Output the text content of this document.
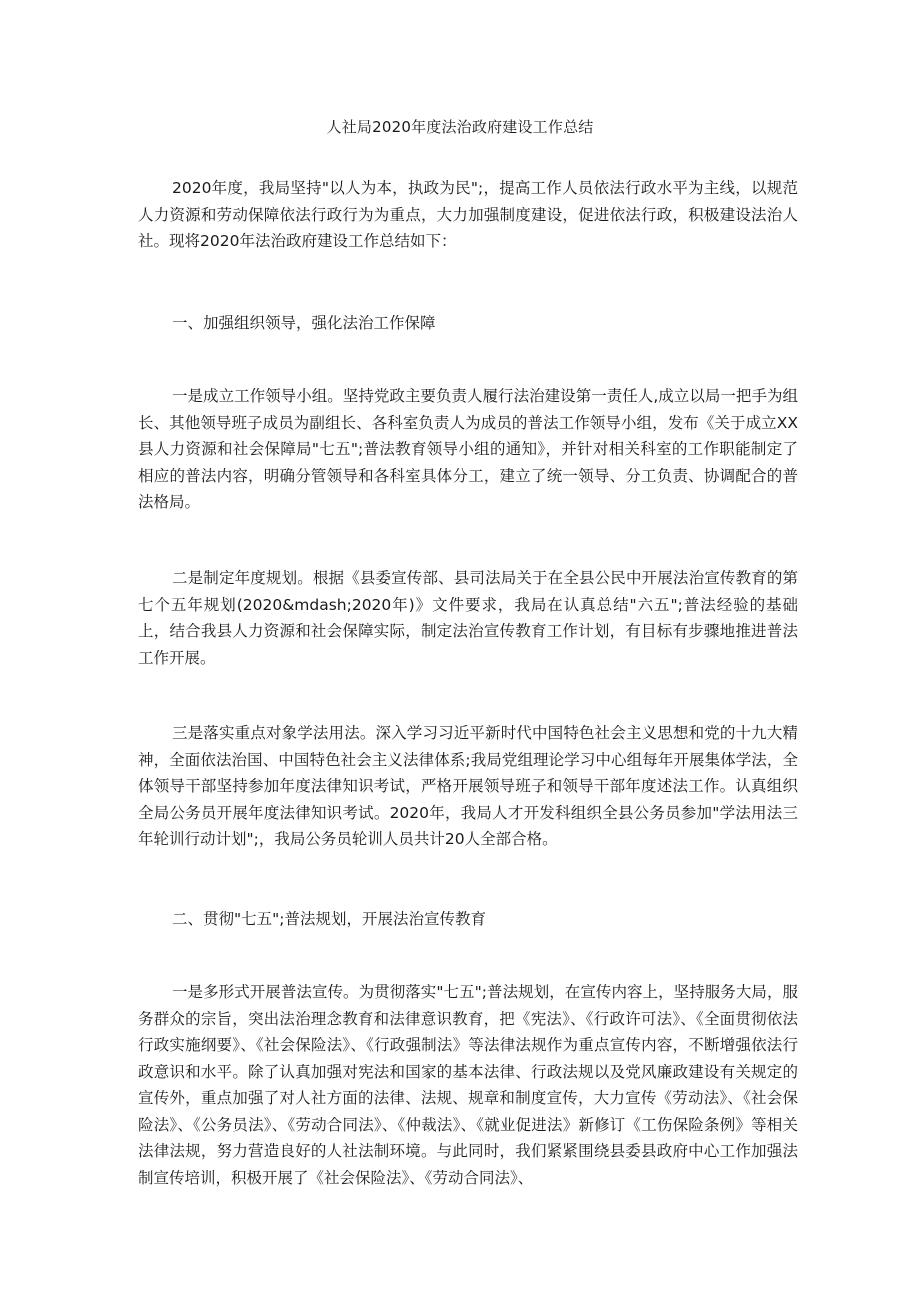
人社局2020年度法治政府建设工作总结

2020年度，我局坚持"以人为本，执政为民";，提高工作人员依法行政水平为主线，以规范人力资源和劳动保障依法行政行为为重点，大力加强制度建设，促进依法行政，积极建设法治人社。现将2020年法治政府建设工作总结如下：

一、加强组织领导，强化法治工作保障

一是成立工作领导小组。坚持党政主要负责人履行法治建设第一责任人,成立以局一把手为组长、其他领导班子成员为副组长、各科室负责人为成员的普法工作领导小组，发布《关于成立XX县人力资源和社会保障局"七五";普法教育领导小组的通知》，并针对相关科室的工作职能制定了相应的普法内容，明确分管领导和各科室具体分工，建立了统一领导、分工负责、协调配合的普法格局。

二是制定年度规划。根据《县委宣传部、县司法局关于在全县公民中开展法治宣传教育的第七个五年规划(2020&mdash;2020年)》文件要求，我局在认真总结"六五";普法经验的基础上，结合我县人力资源和社会保障实际，制定法治宣传教育工作计划，有目标有步骤地推进普法工作开展。

三是落实重点对象学法用法。深入学习习近平新时代中国特色社会主义思想和党的十九大精神，全面依法治国、中国特色社会主义法律体系;我局党组理论学习中心组每年开展集体学法，全体领导干部坚持参加年度法律知识考试，严格开展领导班子和领导干部年度述法工作。认真组织全局公务员开展年度法律知识考试。2020年，我局人才开发科组织全县公务员参加"学法用法三年轮训行动计划";，我局公务员轮训人员共计20人全部合格。

二、贯彻"七五";普法规划，开展法治宣传教育

一是多形式开展普法宣传。为贯彻落实"七五";普法规划，在宣传内容上，坚持服务大局，服务群众的宗旨，突出法治理念教育和法律意识教育，把《宪法》、《行政许可法》、《全面贯彻依法行政实施纲要》、《社会保险法》、《行政强制法》等法律法规作为重点宣传内容，不断增强依法行政意识和水平。除了认真加强对宪法和国家的基本法律、行政法规以及党风廉政建设有关规定的宣传外，重点加强了对人社方面的法律、法规、规章和制度宣传，大力宣传《劳动法》、《社会保险法》、《公务员法》、《劳动合同法》、《仲裁法》、《就业促进法》新修订《工伤保险条例》等相关法律法规，努力营造良好的人社法制环境。与此同时，我们紧紧围绕县委县政府中心工作加强法制宣传培训，积极开展了《社会保险法》、《劳动合同法》、
